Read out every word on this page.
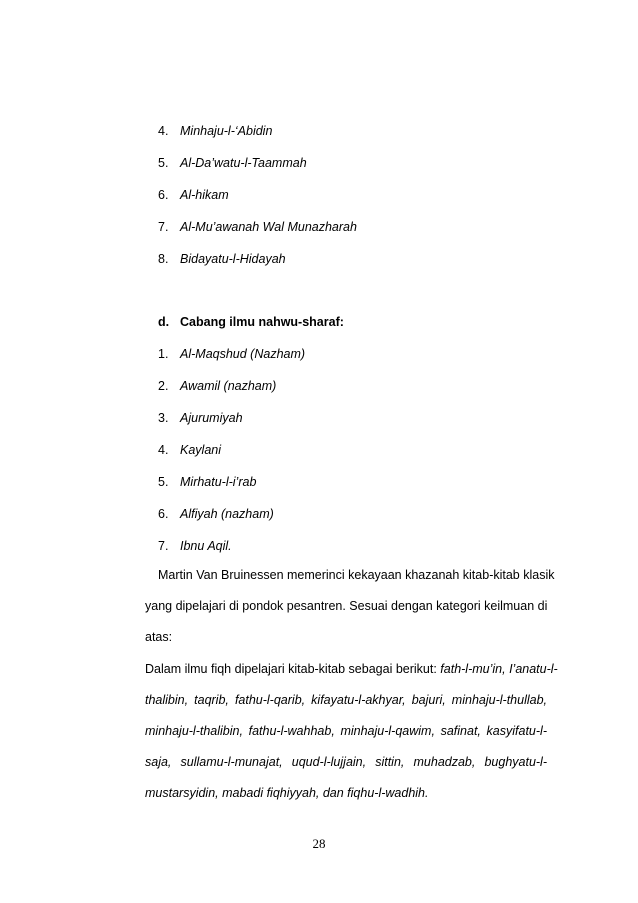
4. Minhaju-l-‘Abidin
5. Al-Da’watu-l-Taammah
6. Al-hikam
7. Al-Mu’awanah Wal Munazharah
8. Bidayatu-l-Hidayah
d. Cabang ilmu nahwu-sharaf:
1. Al-Maqshud (Nazham)
2. Awamil (nazham)
3. Ajurumiyah
4. Kaylani
5. Mirhatu-l-i’rab
6. Alfiyah (nazham)
7. Ibnu Aqil.
Martin Van Bruinessen memerinci kekayaan khazanah kitab-kitab klasik
yang dipelajari di pondok pesantren. Sesuai dengan kategori keilmuan di
atas:
Dalam ilmu fiqh dipelajari kitab-kitab sebagai berikut: fath-l-mu’in, I’anatu-l-
thalibin, taqrib, fathu-l-qarib, kifayatu-l-akhyar, bajuri, minhaju-l-thullab,
minhaju-l-thalibin, fathu-l-wahhab, minhaju-l-qawim, safinat, kasyifatu-l-
saja, sullamu-l-munajat, uqud-l-lujjain, sittin, muhadzab, bughyatu-l-
mustarsyidin, mabadi fiqhiyyah, dan fiqhu-l-wadhih.
28
